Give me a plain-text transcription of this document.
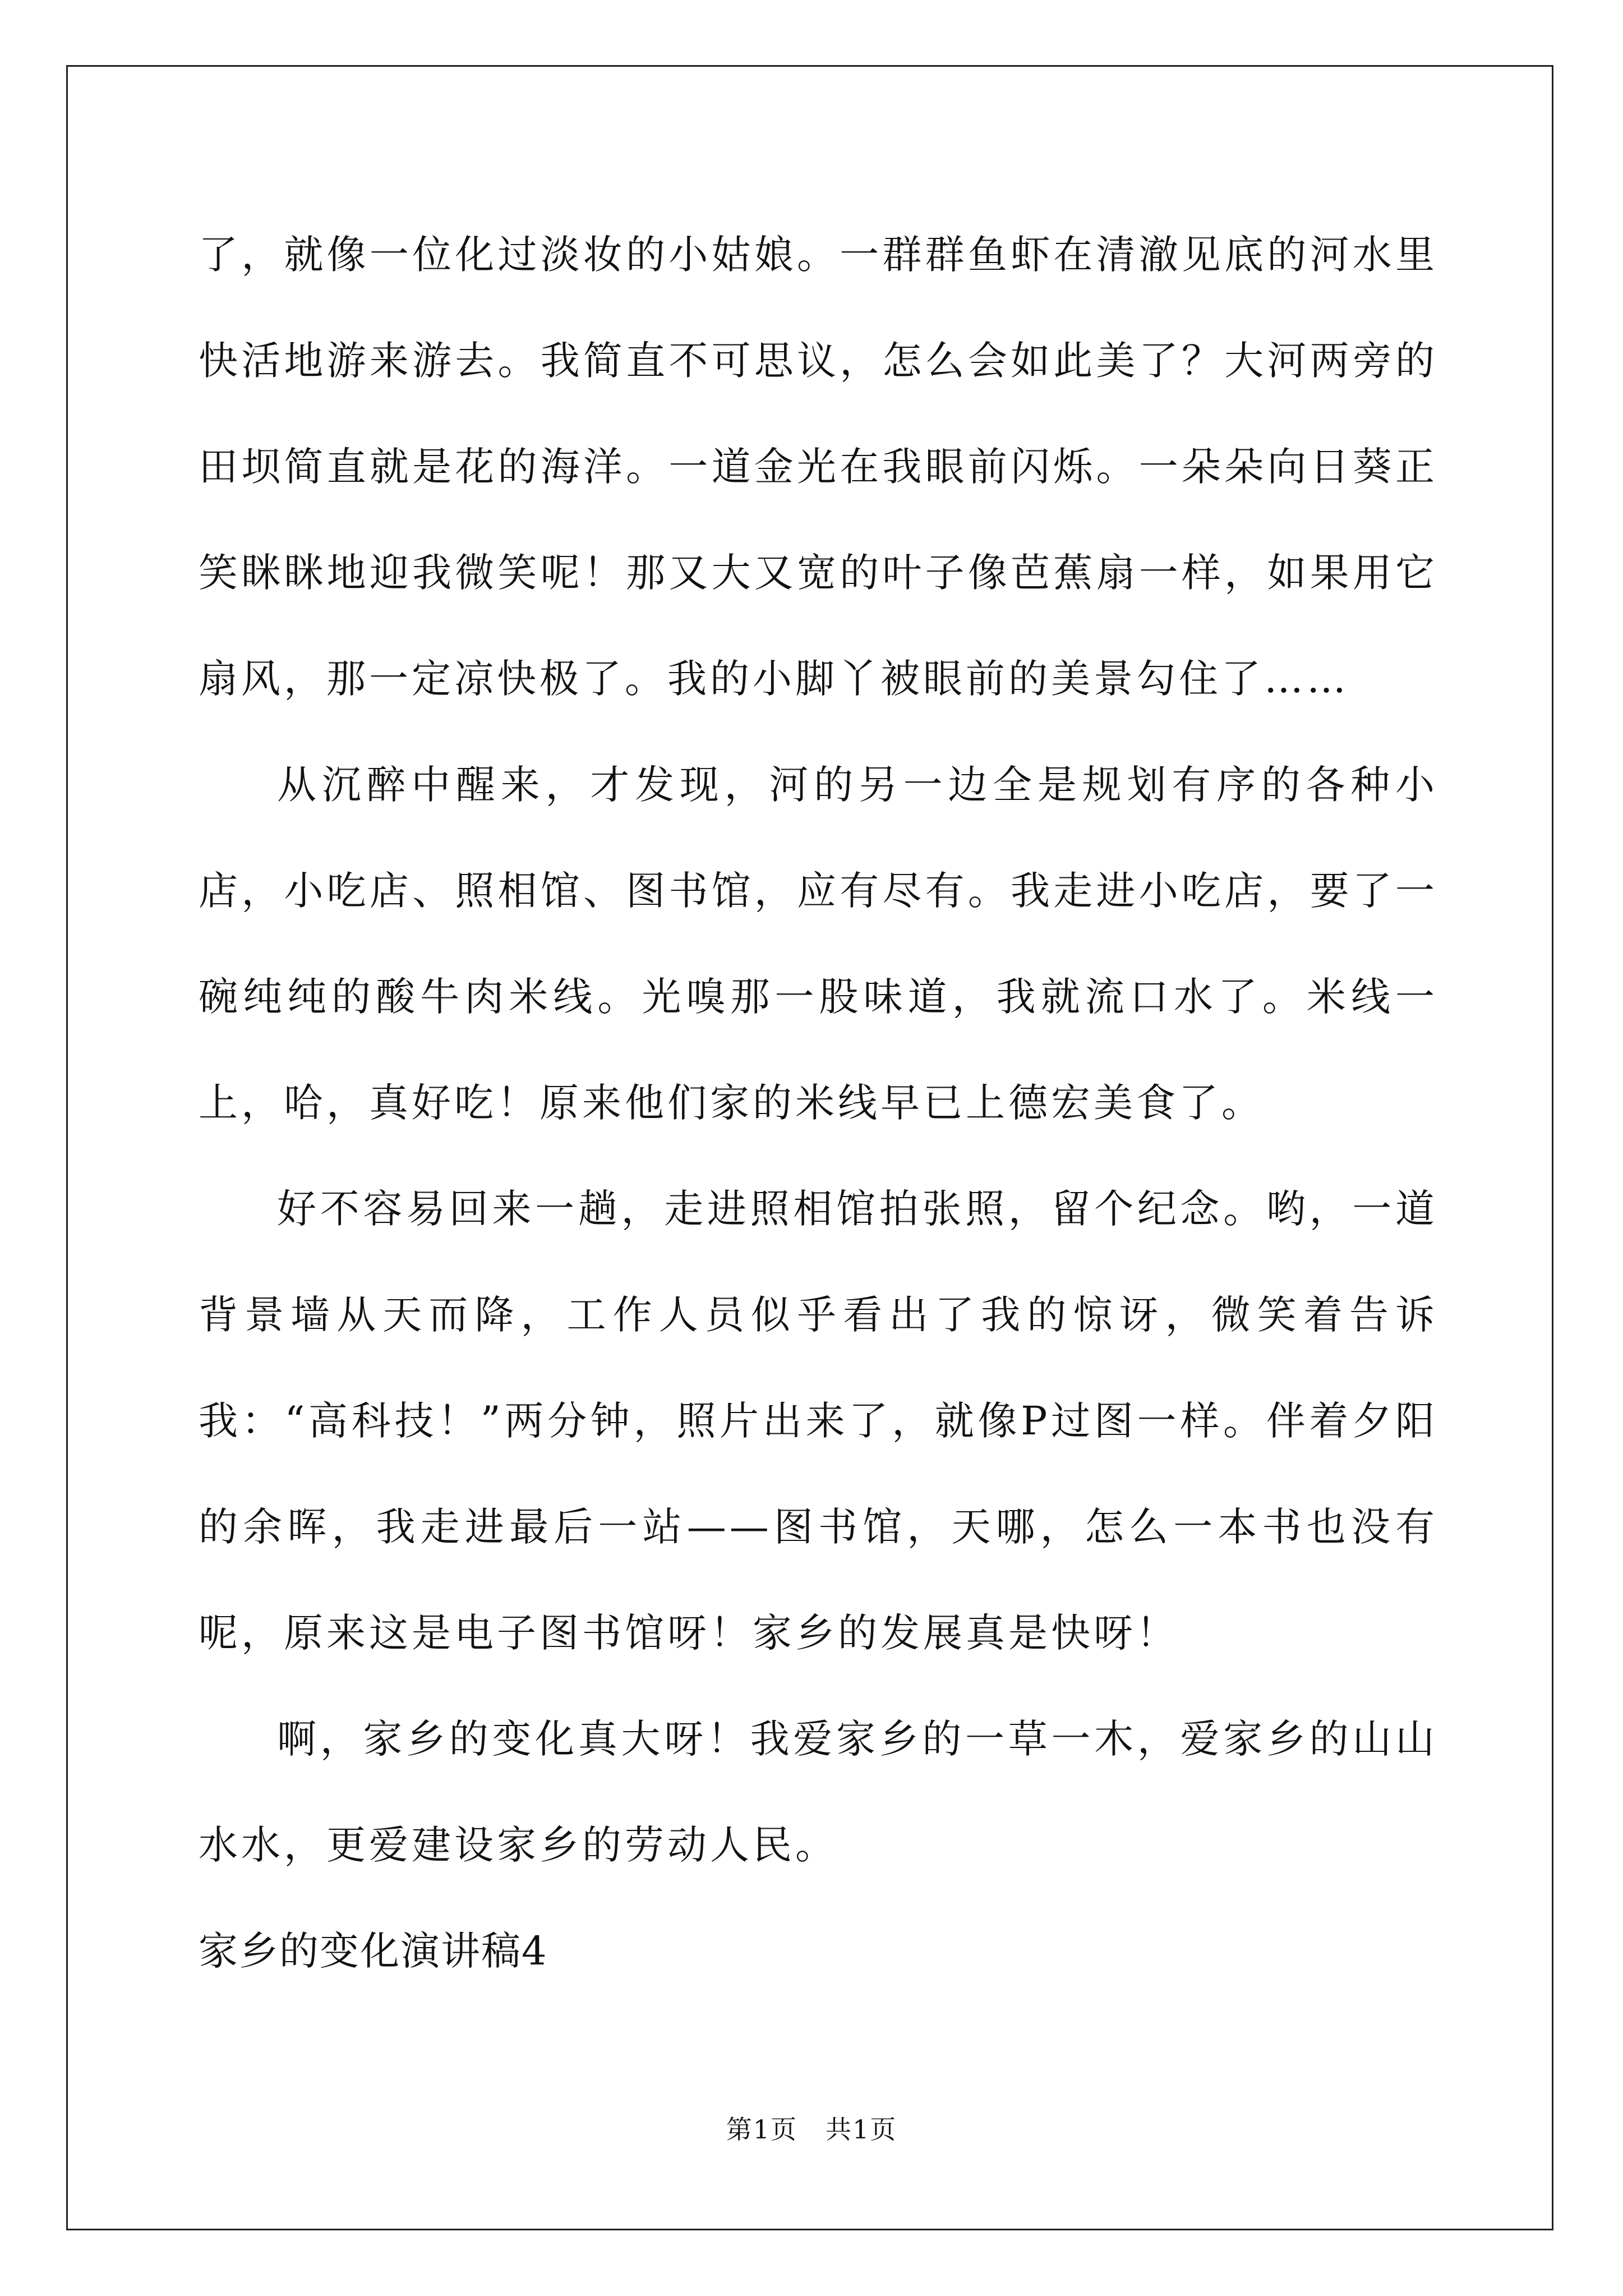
了，就像一位化过淡妆的小姑娘。一群群鱼虾在清澈见底的河水里快活地游来游去。我简直不可思议，怎么会如此美了？大河两旁的田坝简直就是花的海洋。一道金光在我眼前闪烁。一朵朵向日葵正笑眯眯地迎我微笑呢！那又大又宽的叶子像芭蕉扇一样，如果用它扇风，那一定凉快极了。我的小脚丫被眼前的美景勾住了……

从沉醉中醒来，才发现，河的另一边全是规划有序的各种小店，小吃店、照相馆、图书馆，应有尽有。我走进小吃店，要了一碗纯纯的酸牛肉米线。光嗅那一股味道，我就流口水了。米线一上，哈，真好吃！原来他们家的米线早已上德宏美食了。

好不容易回来一趟，走进照相馆拍张照，留个纪念。哟，一道背景墙从天而降，工作人员似乎看出了我的惊讶，微笑着告诉我：“高科技！”两分钟，照片出来了，就像P过图一样。伴着夕阳的余晖，我走进最后一站——图书馆，天哪，怎么一本书也没有呢，原来这是电子图书馆呀！家乡的发展真是快呀！

啊，家乡的变化真大呀！我爱家乡的一草一木，爱家乡的山山水水，更爱建设家乡的劳动人民。

家乡的变化演讲稿4

第1页 共1页
